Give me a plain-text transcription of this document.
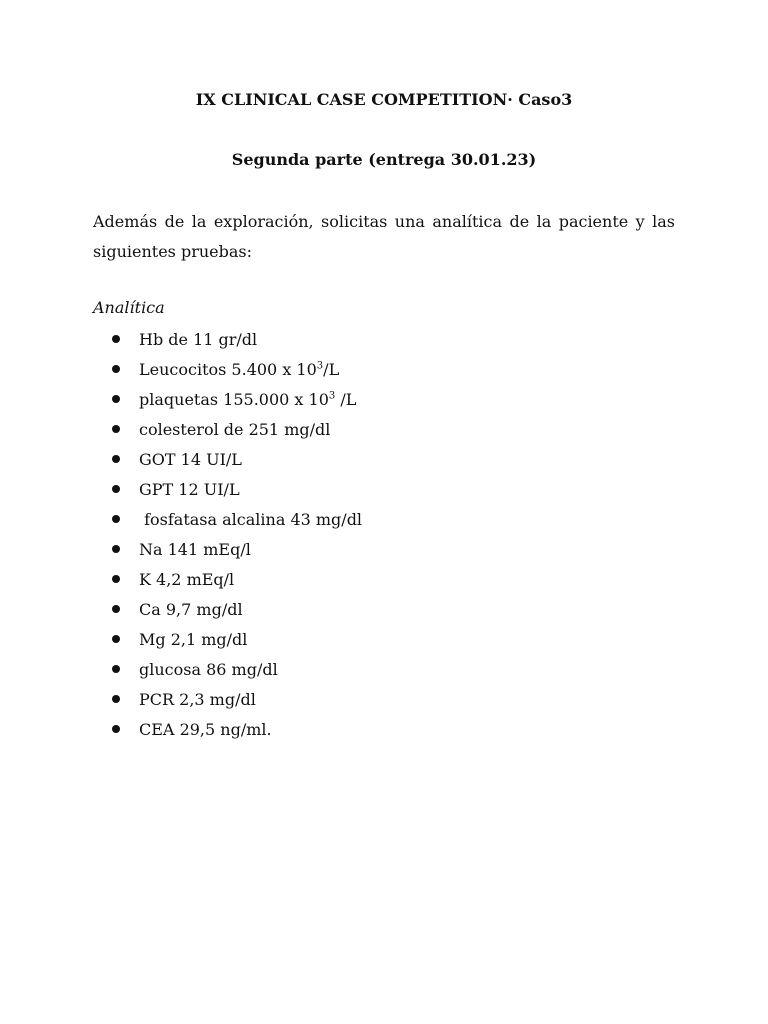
IX CLINICAL CASE COMPETITION· Caso3
Segunda parte (entrega 30.01.23)

Además de la exploración, solicitas una analítica de la paciente y las siguientes pruebas:

Analítica
Hb de 11 gr/dl
Leucocitos 5.400 x $10^3/L$
plaquetas 155.000 x $10^3$ /L
colesterol de 251 mg/dl
GOT 14 UI/L
GPT 12 UI/L
fosfatasa alcalina 43 mg/dl
Na 141 mEq/l
K 4,2 mEq/l
Ca 9,7 mg/dl
Mg 2,1 mg/dl
glucosa 86 mg/dl
PCR 2,3 mg/dl
CEA 29,5 ng/ml.
